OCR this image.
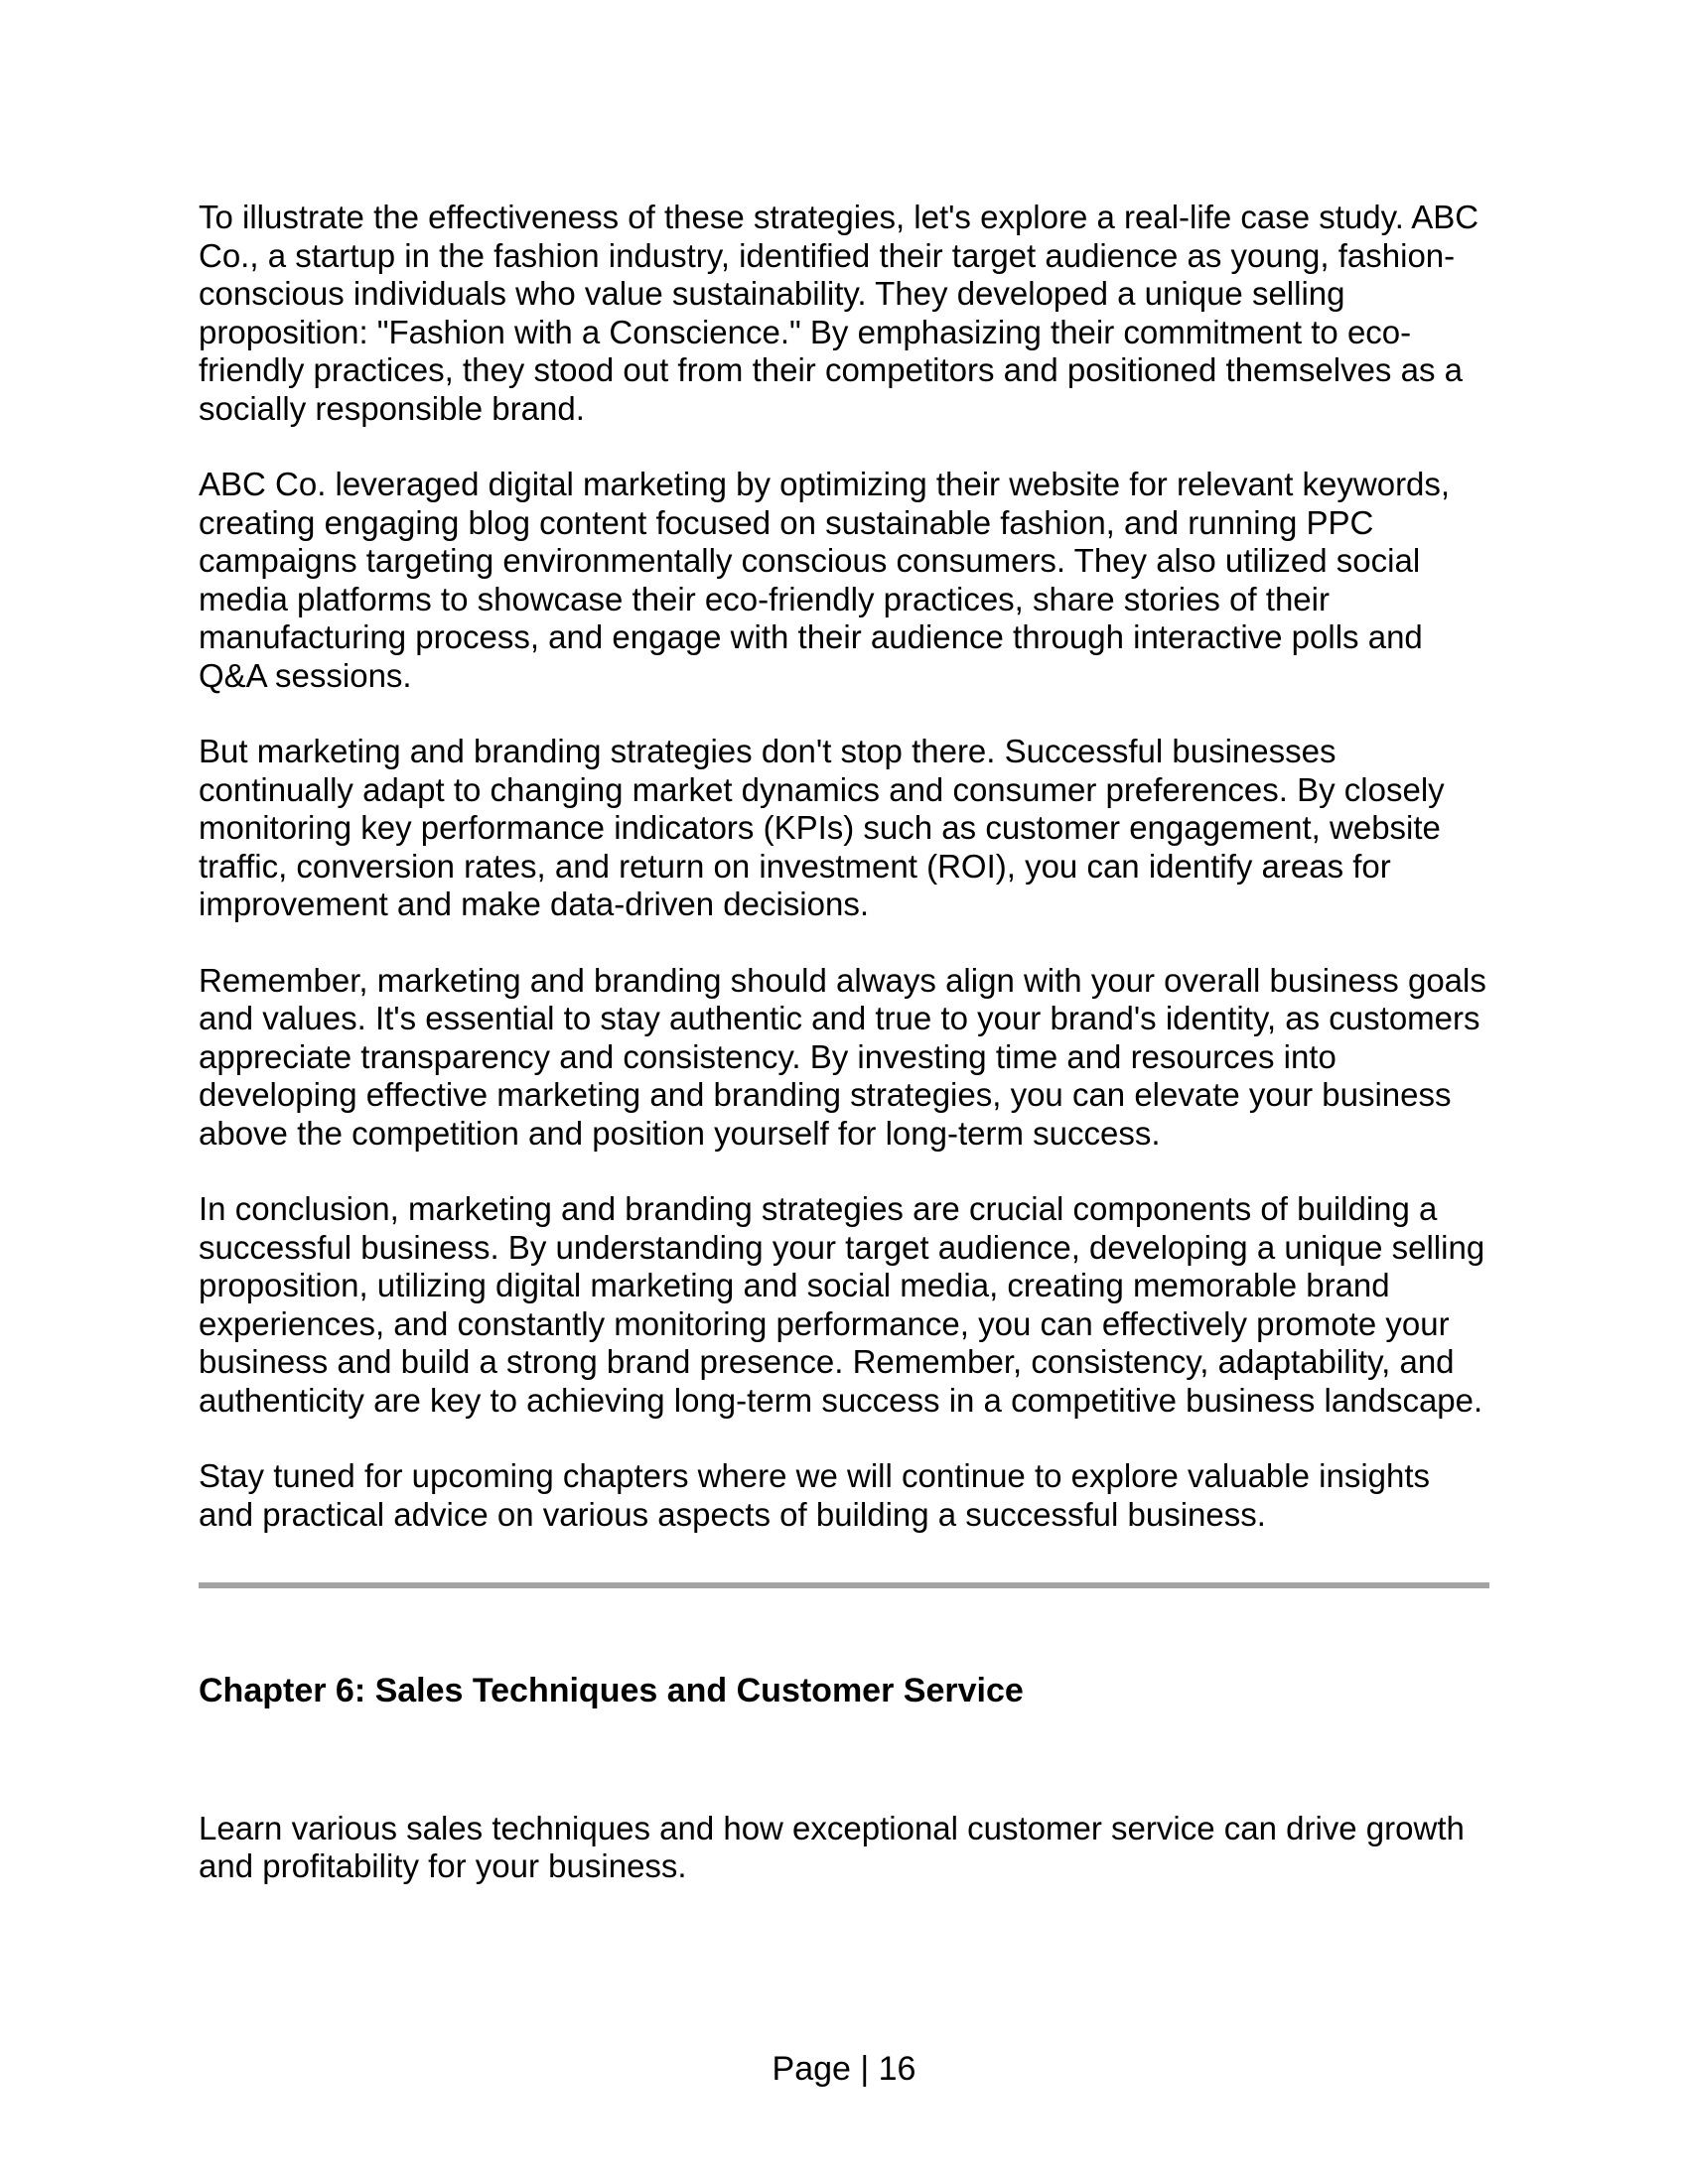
To illustrate the effectiveness of these strategies, let's explore a real-life case study. ABC Co., a startup in the fashion industry, identified their target audience as young, fashion-conscious individuals who value sustainability. They developed a unique selling proposition: "Fashion with a Conscience." By emphasizing their commitment to eco-friendly practices, they stood out from their competitors and positioned themselves as a socially responsible brand.

ABC Co. leveraged digital marketing by optimizing their website for relevant keywords, creating engaging blog content focused on sustainable fashion, and running PPC campaigns targeting environmentally conscious consumers. They also utilized social media platforms to showcase their eco-friendly practices, share stories of their manufacturing process, and engage with their audience through interactive polls and Q&A sessions.

But marketing and branding strategies don't stop there. Successful businesses continually adapt to changing market dynamics and consumer preferences. By closely monitoring key performance indicators (KPIs) such as customer engagement, website traffic, conversion rates, and return on investment (ROI), you can identify areas for improvement and make data-driven decisions.

Remember, marketing and branding should always align with your overall business goals and values. It's essential to stay authentic and true to your brand's identity, as customers appreciate transparency and consistency. By investing time and resources into developing effective marketing and branding strategies, you can elevate your business above the competition and position yourself for long-term success.

In conclusion, marketing and branding strategies are crucial components of building a successful business. By understanding your target audience, developing a unique selling proposition, utilizing digital marketing and social media, creating memorable brand experiences, and constantly monitoring performance, you can effectively promote your business and build a strong brand presence. Remember, consistency, adaptability, and authenticity are key to achieving long-term success in a competitive business landscape.

Stay tuned for upcoming chapters where we will continue to explore valuable insights and practical advice on various aspects of building a successful business.

Chapter 6: Sales Techniques and Customer Service

Learn various sales techniques and how exceptional customer service can drive growth and profitability for your business.

Page | 16
